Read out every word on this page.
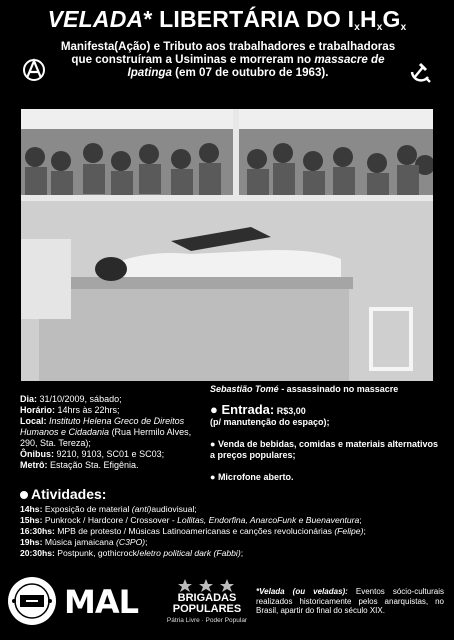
VELADA* LIBERTÁRIA DO $I_xH_xG_x$
Manifesta(Ação) e Tributo aos trabalhadores e trabalhadoras
que construíram a Usiminas e morreram no massacre de
Ipatinga (em 07 de outubro de 1963).
Sebastião Tomé - assassinado no massacre
Dia: 31/10/2009, sábado;
Horário: 14hrs às 22hrs;
Local: Instituto Helena Greco de Direitos Humanos e Cidadania (Rua Hermilo Alves, 290, Sta. Tereza);
Ônibus: 9210, 9103, SC01 e SC03;
Metrô: Estação Sta. Efigênia.
● Entrada: R$3,00
(p/ manutenção do espaço);

● Venda de bebidas, comidas e materiais alternativos a preços populares;

● Microfone aberto.
Atividades:
14hs: Exposição de material (anti)audiovisual;
15hs: Punkrock / Hardcore / Crossover - Lollitas, Endorfina, AnarcoFunk e Buenaventura;
16:30hs: MPB de protesto / Músicas Latinoamericanas e canções revolucionárias (Felipe);
19hs: Música jamaicana (C3PO);
20:30hs: Postpunk, gothicrock/eletro political dark (Fabbi);
MAL	BRIGADAS
POPULARES
Pátria Livre · Poder Popular
*Velada (ou veladas): Eventos sócio-culturais realizados historicamente pelos anarquistas, no Brasil, apartir do final do século XIX.
